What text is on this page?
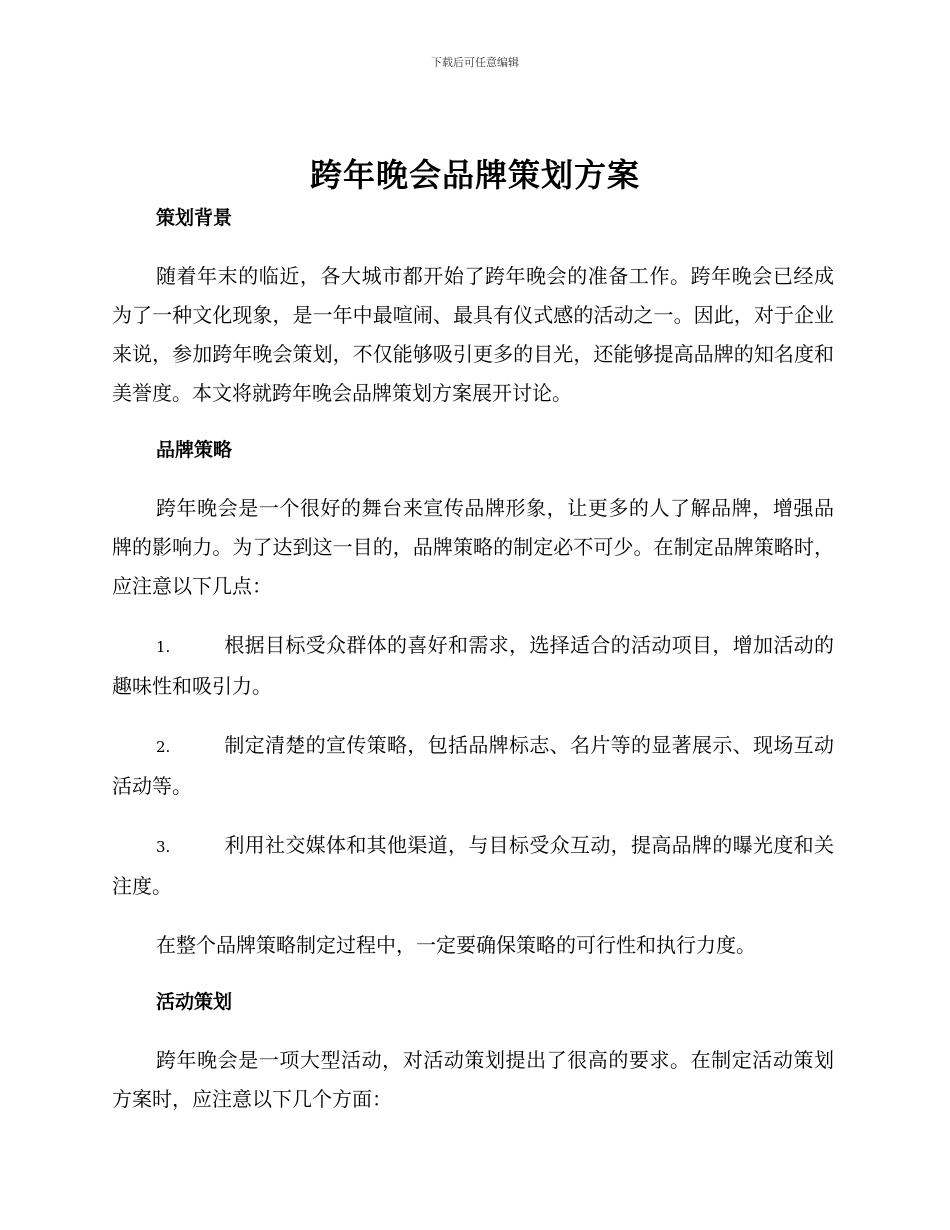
下载后可任意编辑
跨年晚会品牌策划方案
策划背景
随着年末的临近，各大城市都开始了跨年晚会的准备工作。跨年晚会已经成为了一种文化现象，是一年中最喧闹、最具有仪式感的活动之一。因此，对于企业来说，参加跨年晚会策划，不仅能够吸引更多的目光，还能够提高品牌的知名度和美誉度。本文将就跨年晚会品牌策划方案展开讨论。
品牌策略
跨年晚会是一个很好的舞台来宣传品牌形象，让更多的人了解品牌，增强品牌的影响力。为了达到这一目的，品牌策略的制定必不可少。在制定品牌策略时，应注意以下几点：
1.	根据目标受众群体的喜好和需求，选择适合的活动项目，增加活动的趣味性和吸引力。
2.	制定清楚的宣传策略，包括品牌标志、名片等的显著展示、现场互动活动等。
3.	利用社交媒体和其他渠道，与目标受众互动，提高品牌的曝光度和关注度。
在整个品牌策略制定过程中，一定要确保策略的可行性和执行力度。
活动策划
跨年晚会是一项大型活动，对活动策划提出了很高的要求。在制定活动策划方案时，应注意以下几个方面：
